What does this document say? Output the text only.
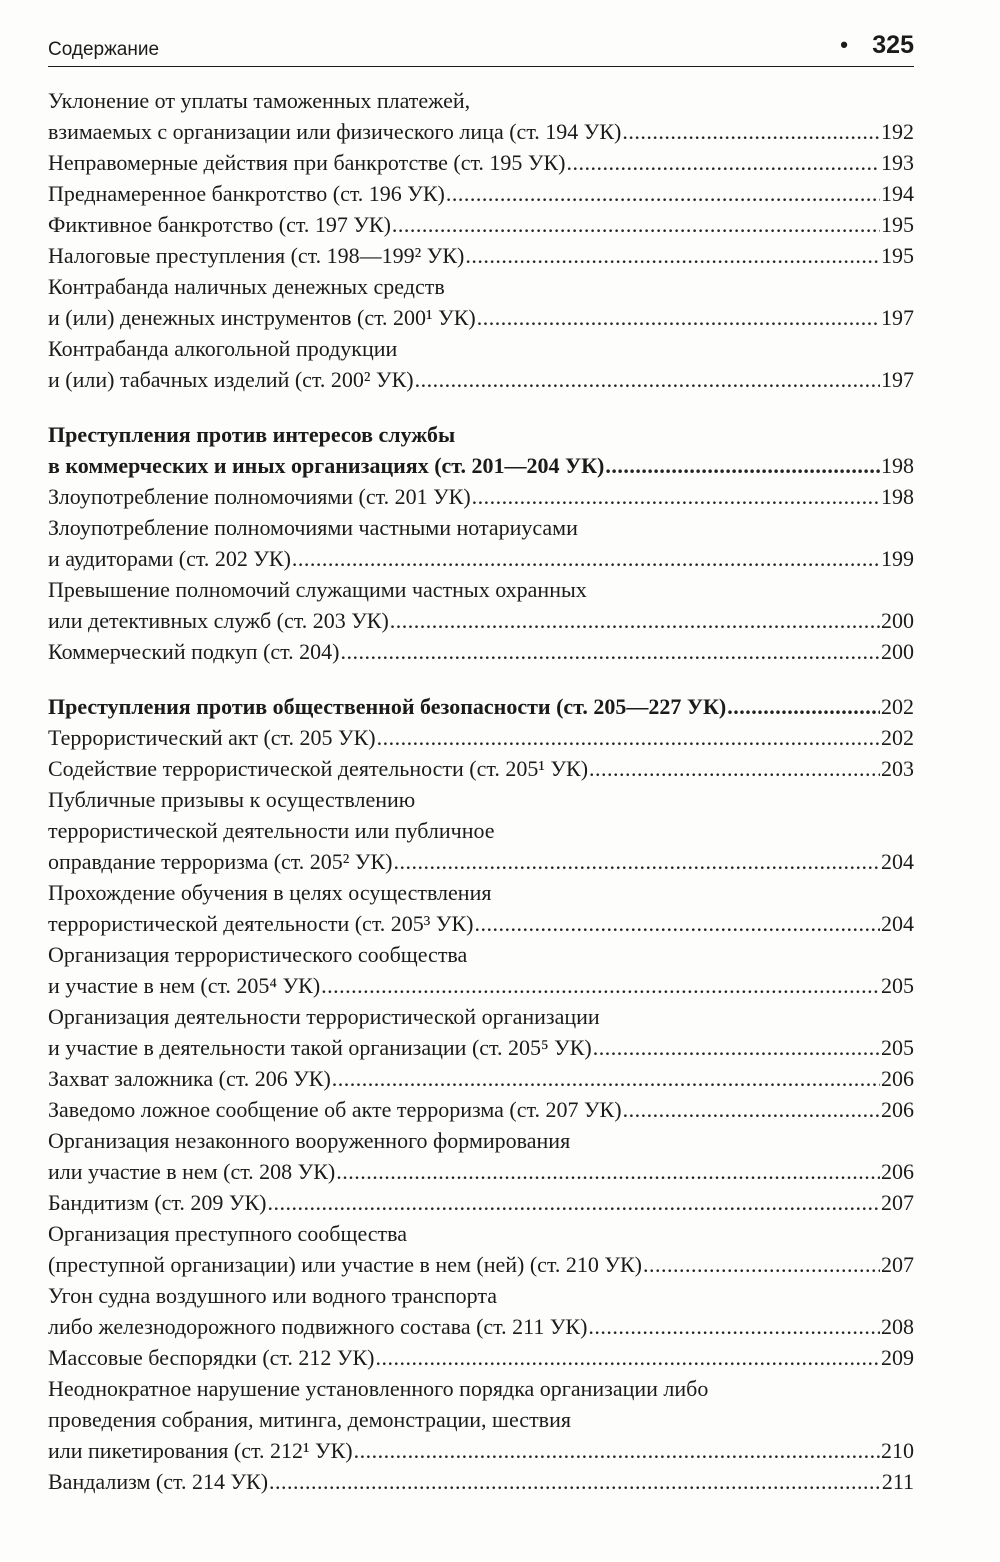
Содержание	• 325
Уклонение от уплаты таможенных платежей,
взимаемых с организации или физического лица (ст. 194 УК) .....	192
Неправомерные действия при банкротстве (ст. 195 УК) .....	193
Преднамеренное банкротство (ст. 196 УК) .....	194
Фиктивное банкротство (ст. 197 УК) .....	195
Налоговые преступления (ст. 198—199² УК) .....	195
Контрабанда наличных денежных средств
и (или) денежных инструментов (ст. 200¹ УК) .....	197
Контрабанда алкогольной продукции
и (или) табачных изделий (ст. 200² УК) .....	197
Преступления против интересов службы
в коммерческих и иных организациях (ст. 201—204 УК) .....	198
Злоупотребление полномочиями (ст. 201 УК) .....	198
Злоупотребление полномочиями частными нотариусами
и аудиторами (ст. 202 УК) .....	199
Превышение полномочий служащими частных охранных
или детективных служб (ст. 203 УК) .....	200
Коммерческий подкуп (ст. 204) .....	200
Преступления против общественной безопасности (ст. 205—227 УК) .....	202
Террористический акт (ст. 205 УК) .....	202
Содействие террористической деятельности (ст. 205¹ УК) .....	203
Публичные призывы к осуществлению
террористической деятельности или публичное
оправдание терроризма (ст. 205² УК) .....	204
Прохождение обучения в целях осуществления
террористической деятельности (ст. 205³ УК) .....	204
Организация террористического сообщества
и участие в нем (ст. 205⁴ УК) .....	205
Организация деятельности террористической организации
и участие в деятельности такой организации (ст. 205⁵ УК) .....	205
Захват заложника (ст. 206 УК) .....	206
Заведомо ложное сообщение об акте терроризма (ст. 207 УК) .....	206
Организация незаконного вооруженного формирования
или участие в нем (ст. 208 УК) .....	206
Бандитизм (ст. 209 УК) .....	207
Организация преступного сообщества
(преступной организации) или участие в нем (ней) (ст. 210 УК) .....	207
Угон судна воздушного или водного транспорта
либо железнодорожного подвижного состава (ст. 211 УК) .....	208
Массовые беспорядки (ст. 212 УК) .....	209
Неоднократное нарушение установленного порядка организации либо
проведения собрания, митинга, демонстрации, шествия
или пикетирования (ст. 212¹ УК) .....	210
Вандализм (ст. 214 УК) .....	211
